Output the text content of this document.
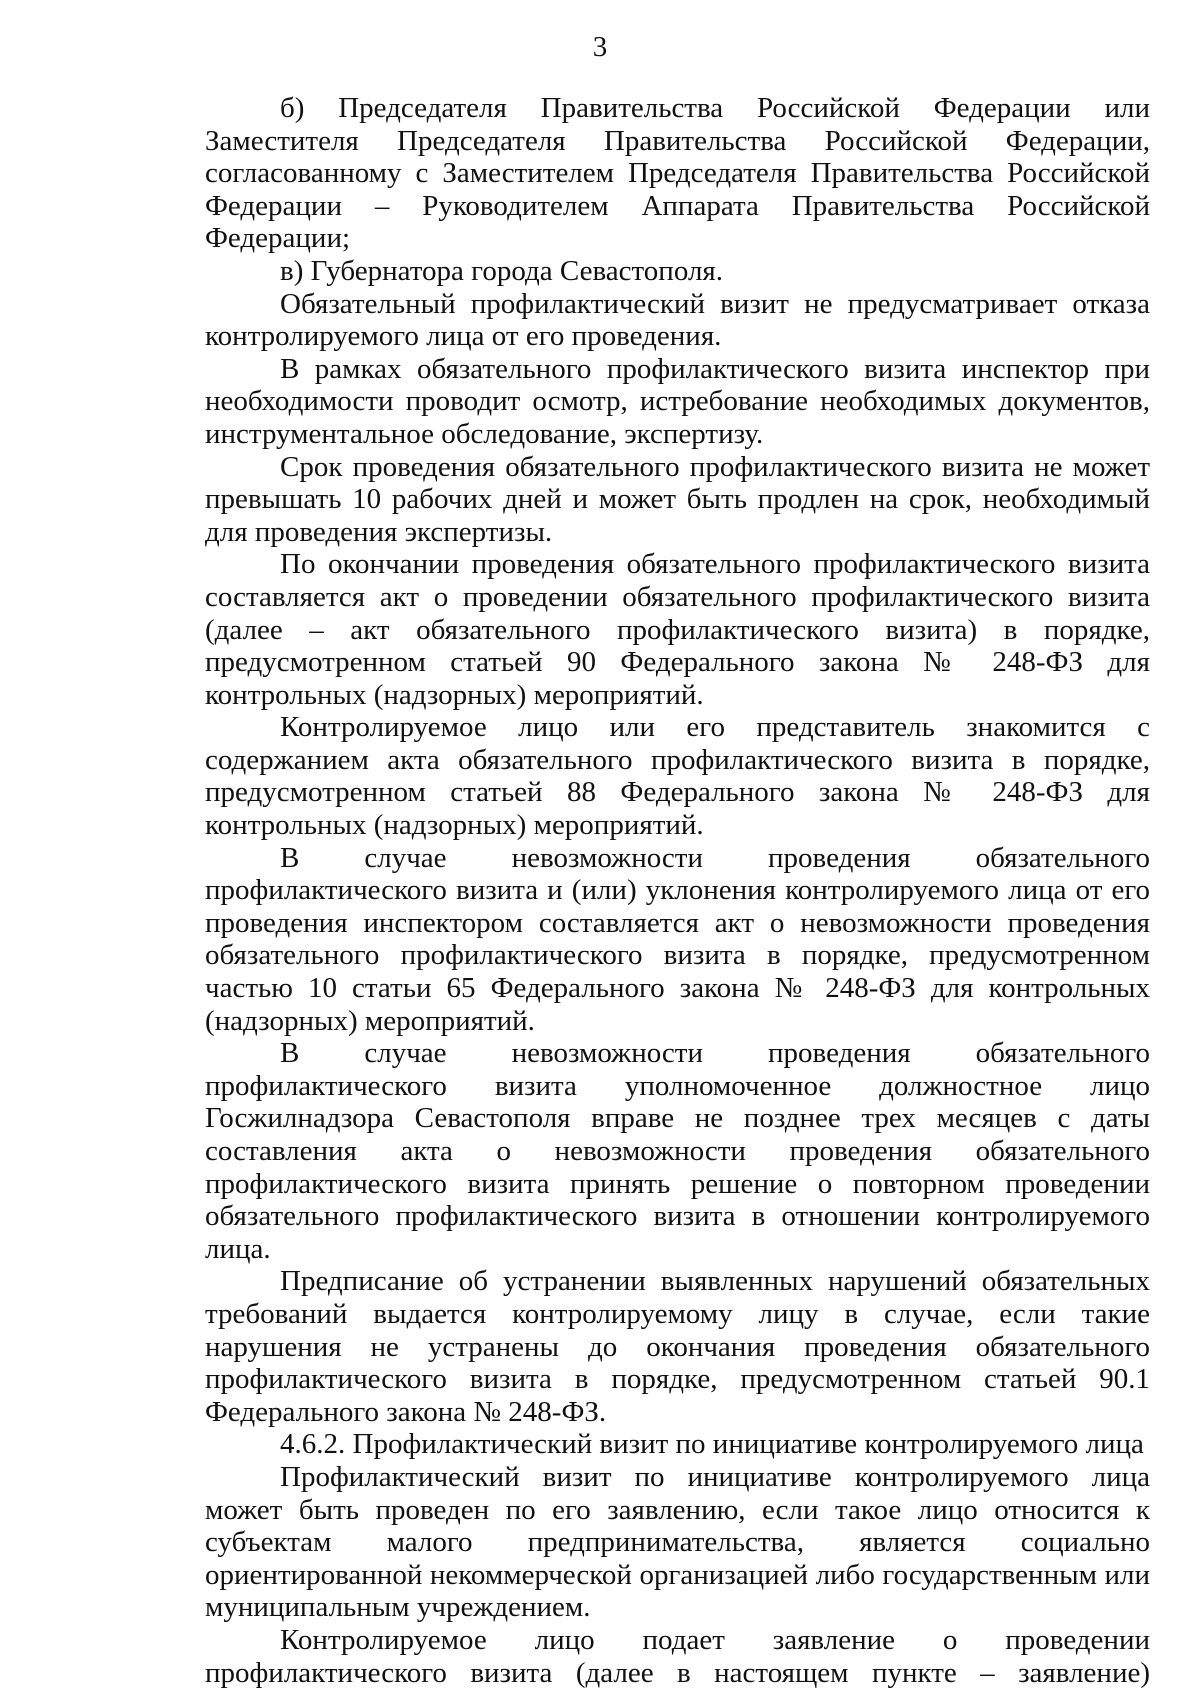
3

б) Председателя Правительства Российской Федерации или Заместителя Председателя Правительства Российской Федерации, согласованному с Заместителем Председателя Правительства Российской Федерации – Руководителем Аппарата Правительства Российской Федерации;

в) Губернатора города Севастополя.

Обязательный профилактический визит не предусматривает отказа контролируемого лица от его проведения.

В рамках обязательного профилактического визита инспектор при необходимости проводит осмотр, истребование необходимых документов, инструментальное обследование, экспертизу.

Срок проведения обязательного профилактического визита не может превышать 10 рабочих дней и может быть продлен на срок, необходимый для проведения экспертизы.

По окончании проведения обязательного профилактического визита составляется акт о проведении обязательного профилактического визита (далее – акт обязательного профилактического визита) в порядке, предусмотренном статьей 90 Федерального закона № 248-ФЗ для контрольных (надзорных) мероприятий.

Контролируемое лицо или его представитель знакомится с содержанием акта обязательного профилактического визита в порядке, предусмотренном статьей 88 Федерального закона № 248-ФЗ для контрольных (надзорных) мероприятий.

В случае невозможности проведения обязательного профилактического визита и (или) уклонения контролируемого лица от его проведения инспектором составляется акт о невозможности проведения обязательного профилактического визита в порядке, предусмотренном частью 10 статьи 65 Федерального закона № 248-ФЗ для контрольных (надзорных) мероприятий.

В случае невозможности проведения обязательного профилактического визита уполномоченное должностное лицо Госжилнадзора Севастополя вправе не позднее трех месяцев с даты составления акта о невозможности проведения обязательного профилактического визита принять решение о повторном проведении обязательного профилактического визита в отношении контролируемого лица.

Предписание об устранении выявленных нарушений обязательных требований выдается контролируемому лицу в случае, если такие нарушения не устранены до окончания проведения обязательного профилактического визита в порядке, предусмотренном статьей 90.1 Федерального закона № 248-ФЗ.

4.6.2. Профилактический визит по инициативе контролируемого лица

Профилактический визит по инициативе контролируемого лица может быть проведен по его заявлению, если такое лицо относится к субъектам малого предпринимательства, является социально ориентированной некоммерческой организацией либо государственным или муниципальным учреждением.

Контролируемое лицо подает заявление о проведении профилактического визита (далее в настоящем пункте – заявление)
